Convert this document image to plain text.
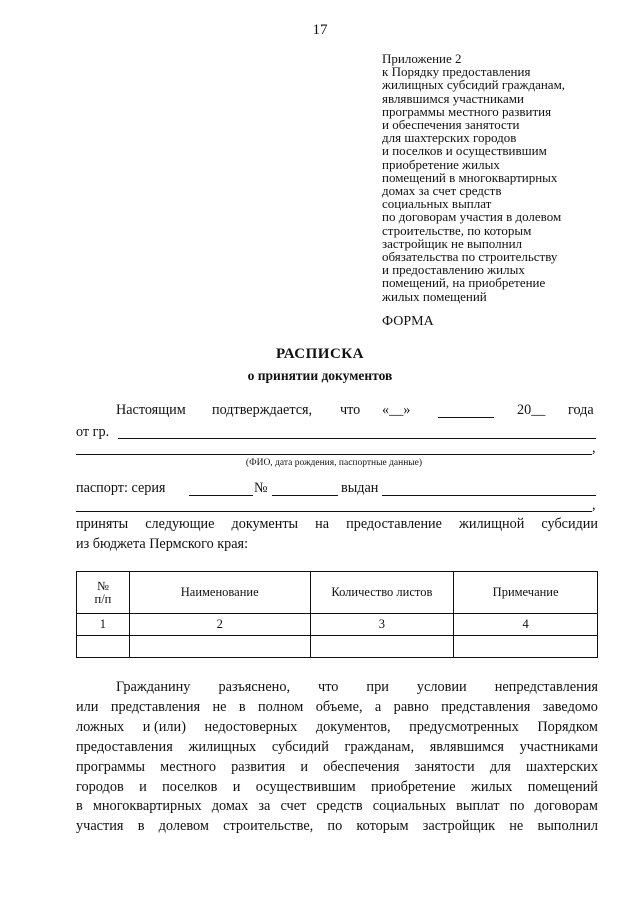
17
Приложение 2
к Порядку предоставления
жилищных субсидий гражданам,
являвшимся участниками
программы местного развития
и обеспечения занятости
для шахтерских городов
и поселков и осуществившим
приобретение жилых
помещений в многоквартирных
домах за счет средств
социальных выплат
по договорам участия в долевом
строительстве, по которым
застройщик не выполнил
обязательства по строительству
и предоставлению жилых
помещений, на приобретение
жилых помещений
ФОРМА
РАСПИСКА
о принятии документов
Настоящим подтверждается, что «__»	20__ года
от гр.
,
(ФИО, дата рождения, паспортные данные)
паспорт: серия	№	выдан
,
приняты следующие документы на предоставление жилищной субсидии
из бюджета Пермского края:
№
п/п	Наименование	Количество листов	Примечание
1	2	3	4

Гражданину разъяснено, что при условии непредставления
или представления не в полном объеме, а равно представления заведомо
ложных и (или) недостоверных документов, предусмотренных Порядком
предоставления жилищных субсидий гражданам, являвшимся участниками
программы местного развития и обеспечения занятости для шахтерских
городов и поселков и осуществившим приобретение жилых помещений
в многоквартирных домах за счет средств социальных выплат по договорам
участия в долевом строительстве, по которым застройщик не выполнил
